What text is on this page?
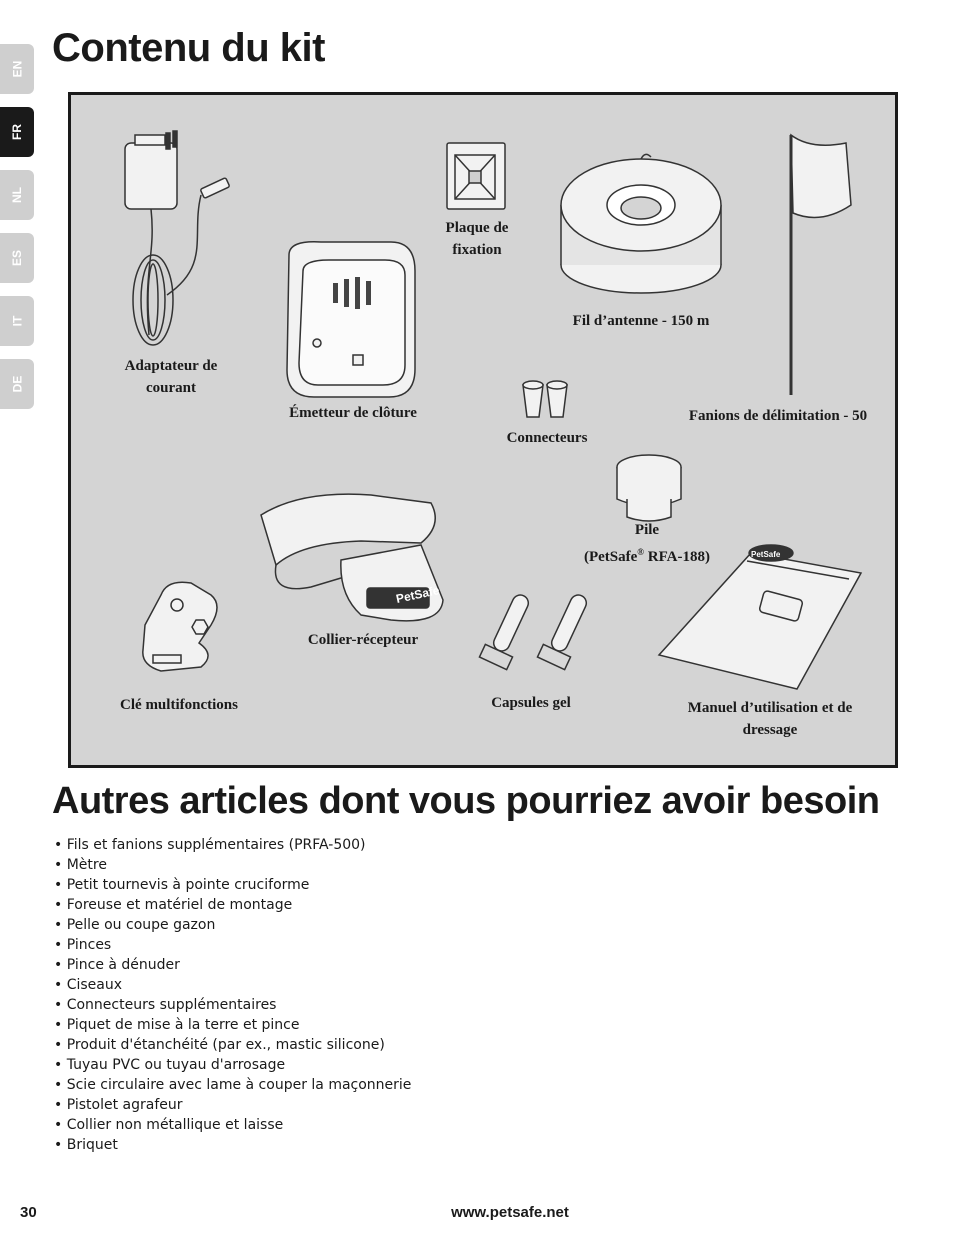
EN
FR
NL
ES
IT
DE
Contenu du kit
PetSafe
PetSafe
Adaptateur de courant
Émetteur de clôture
Plaque de fixation
Fil d’antenne - 150 m
Fanions de délimitation - 50
Connecteurs
Pile
(PetSafe® RFA-188)
Collier-récepteur
Clé multifonctions	Capsules gel	Manuel d’utilisation et de dressage
Autres articles dont vous pourriez avoir besoin
• Fils et fanions supplémentaires (PRFA-500)
• Mètre
• Petit tournevis à pointe cruciforme
• Foreuse et matériel de montage
• Pelle ou coupe gazon
• Pinces
• Pince à dénuder
• Ciseaux
• Connecteurs supplémentaires
• Piquet de mise à la terre et pince
• Produit d'étanchéité (par ex., mastic silicone)
• Tuyau PVC ou tuyau d'arrosage
• Scie circulaire avec lame à couper la maçonnerie
• Pistolet agrafeur
• Collier non métallique et laisse
• Briquet
30	www.petsafe.net
